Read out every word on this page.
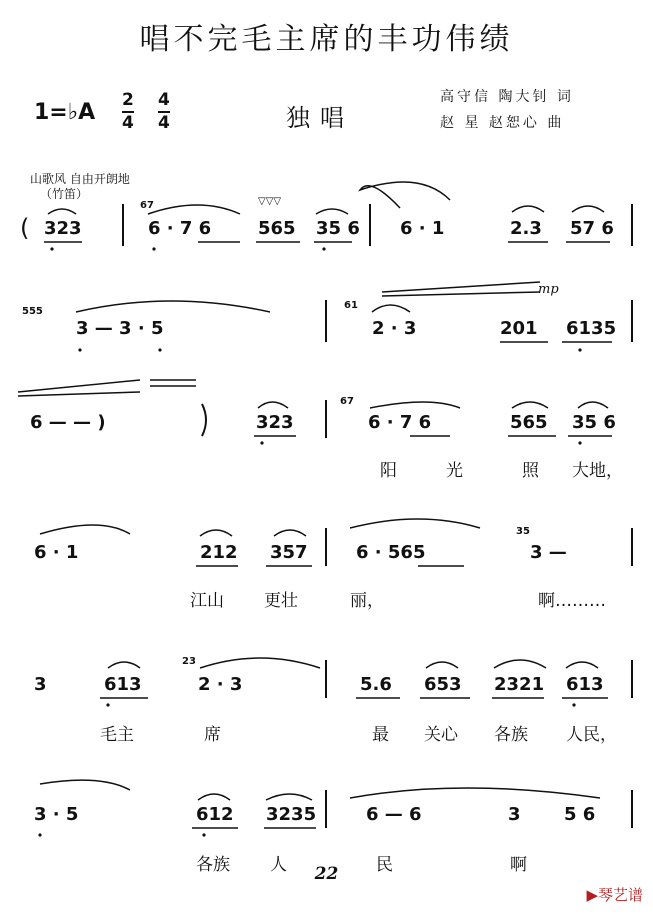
唱不完毛主席的丰功伟绩
1=♭A 2
4
4
4	独唱
高守信 陶大钊 词
赵 星 赵恕心 曲
山歌风 自由开朗地
（竹笛）
( 323	6 · 7 6	565 35 6 6 · 1	2.3 57 6
67	▽▽▽
555
3 — 3 · 5
61
2 · 3	201 6135
mp
6 — — )	323
67
6 · 7 6	565 35 6
阳	光	照 大地，
6 · 1	212 357	6 · 565
35
3 —
江山 更壮	丽，	啊………
3	613
23
2 · 3	5.6 653 2321 613
毛主	席	最 关心 各族 人民，
3 · 5	612 3235	6 — 6	3 5 6
各族 人	民	啊
22
▶琴艺谱
